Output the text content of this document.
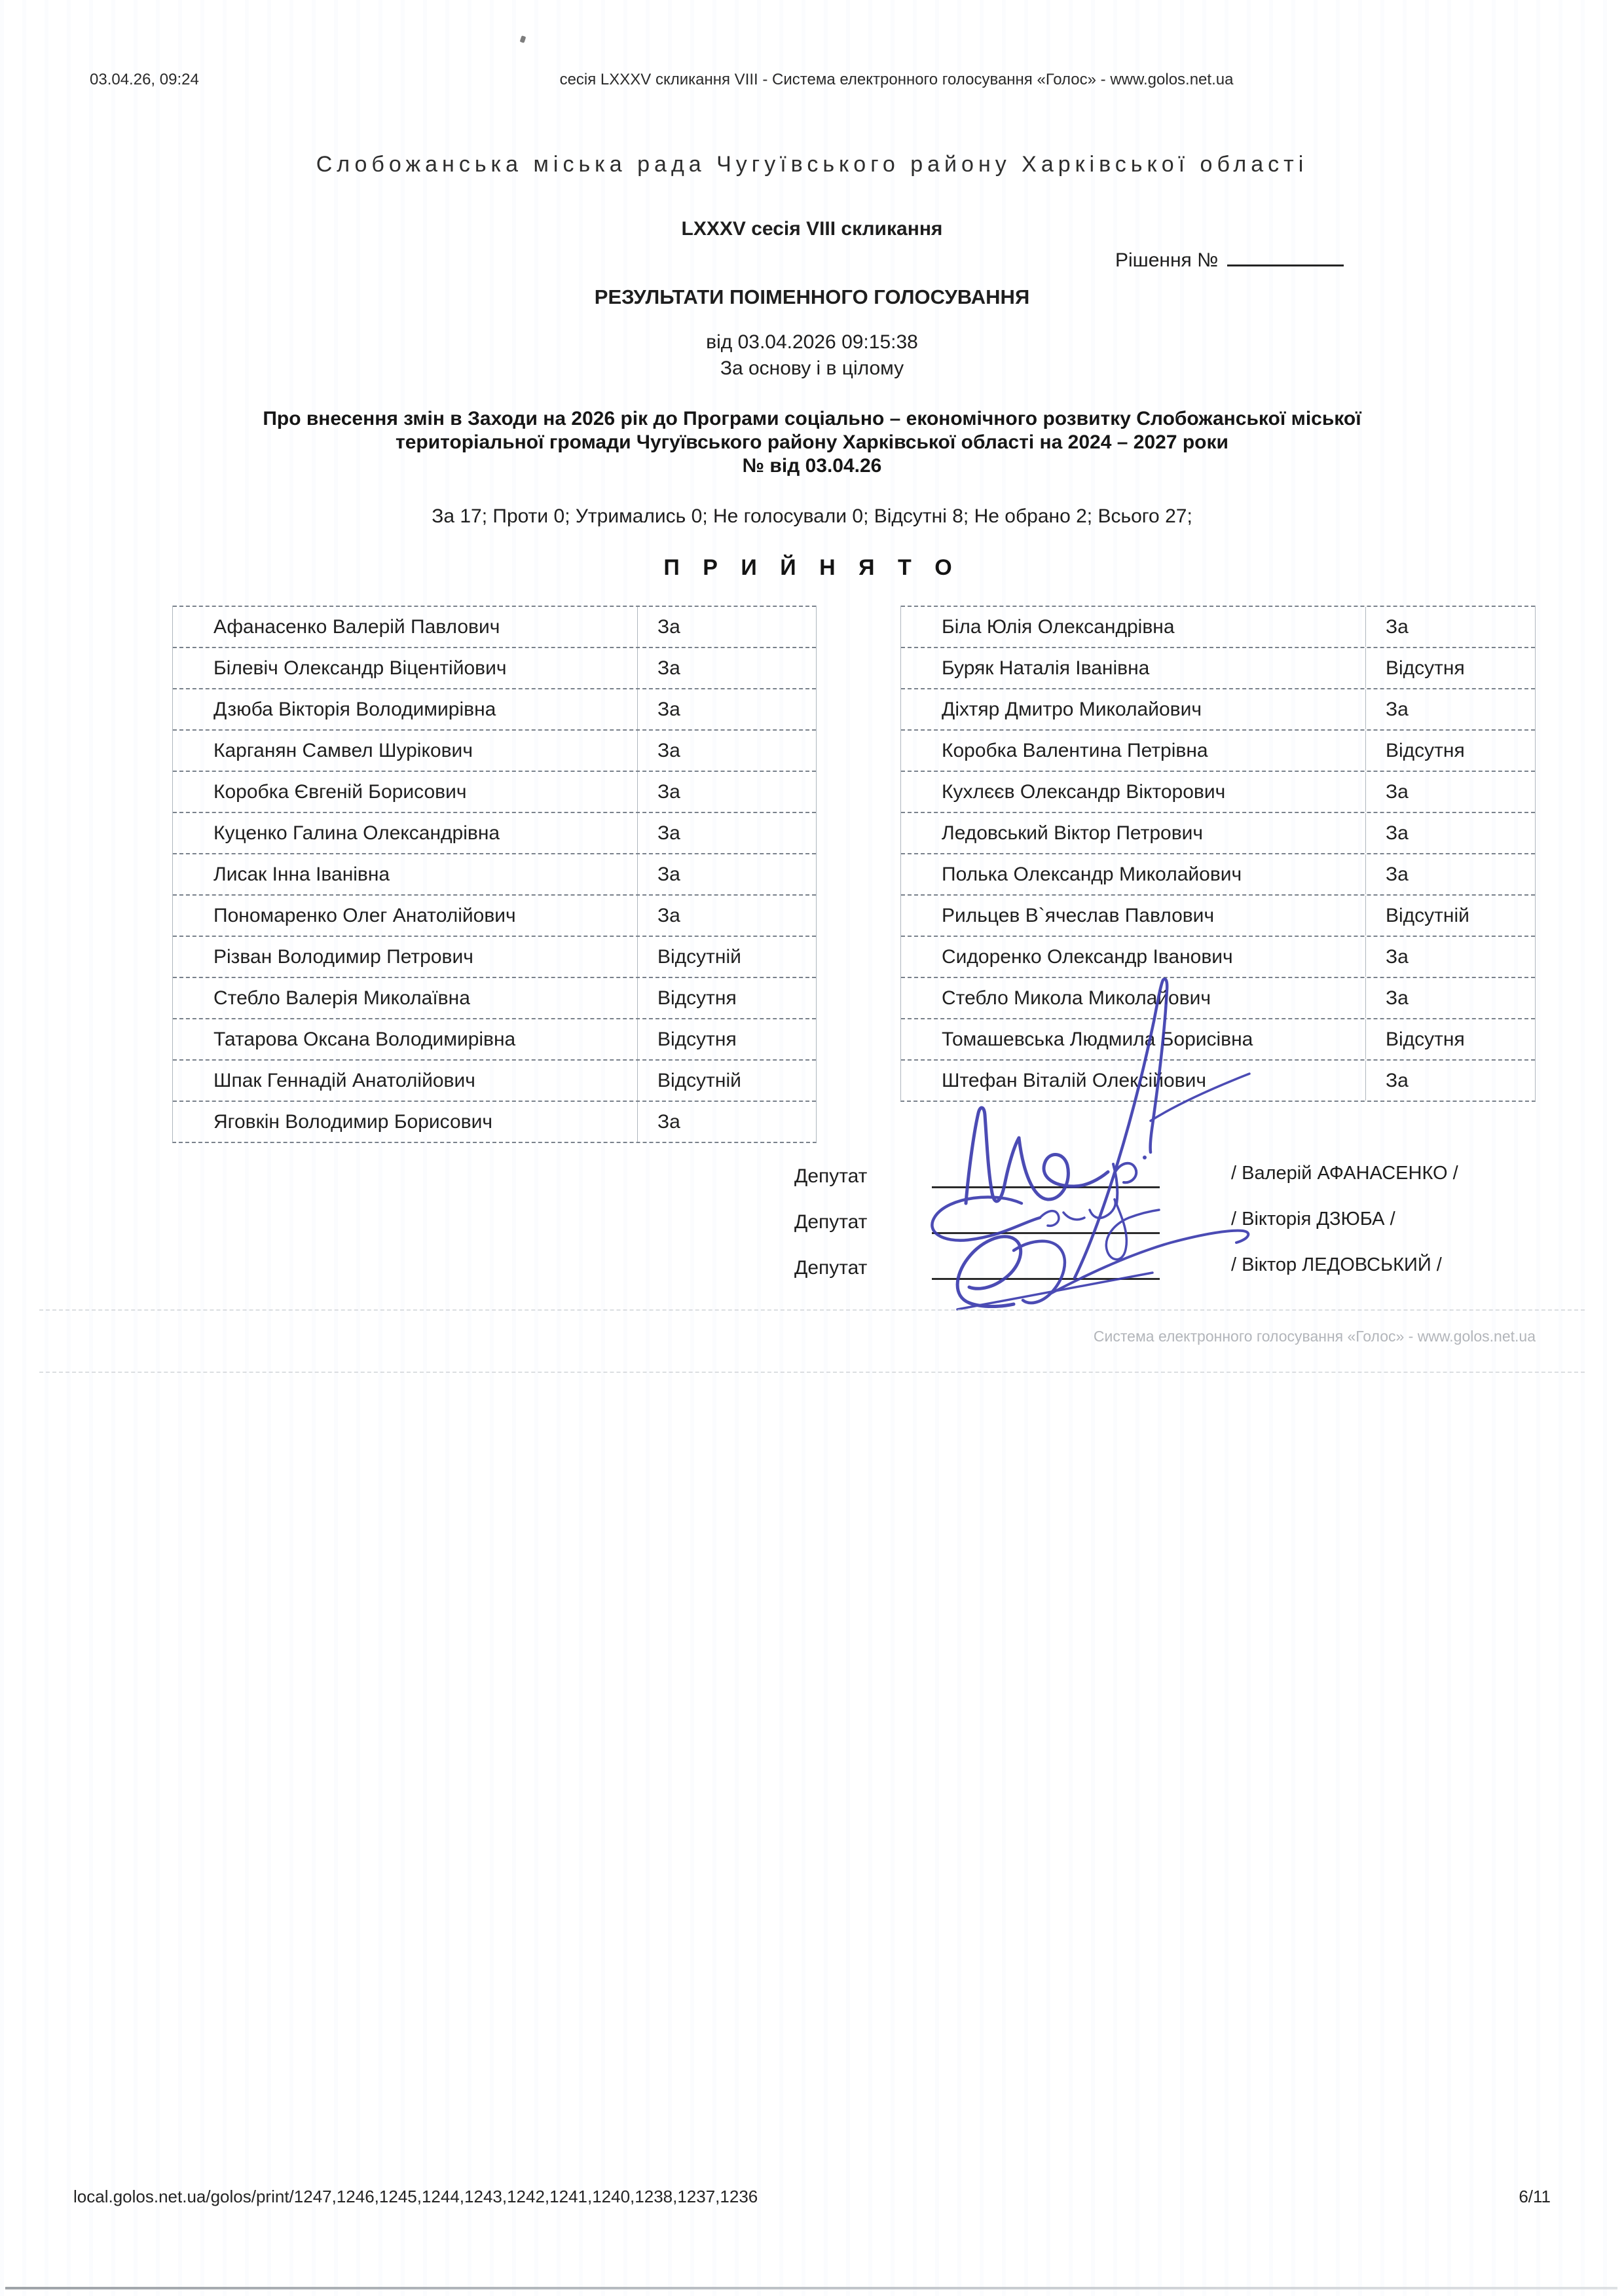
03.04.26, 09:24	сесія LXXXV скликання VIII - Система електронного голосування «Голос» - www.golos.net.ua
Слобожанська міська рада Чугуївського району Харківської області
LXXXV сесія VIII скликання
Рішення №
РЕЗУЛЬТАТИ ПОІМЕННОГО ГОЛОСУВАННЯ
від 03.04.2026 09:15:38
За основу і в цілому
Про внесення змін в Заходи на 2026 рік до Програми соціально – економічного розвитку Слобожанської міської
територіальної громади Чугуївського району Харківської області на 2024 – 2027 роки
№ від 03.04.26
За 17; Проти 0; Утримались 0; Не голосували 0; Відсутні 8; Не обрано 2; Всього 27;
П Р И Й Н Я Т О
Афанасенко Валерій Павлович	За
Білевіч Олександр Віцентійович	За
Дзюба Вікторія Володимирівна	За
Карганян Самвел Шурікович	За
Коробка Євгеній Борисович	За
Куценко Галина Олександрівна	За
Лисак Інна Іванівна	За
Пономаренко Олег Анатолійович	За
Різван Володимир Петрович	Відсутній
Стебло Валерія Миколаївна	Відсутня
Татарова Оксана Володимирівна	Відсутня
Шпак Геннадій Анатолійович	Відсутній
Яговкін Володимир Борисович	За
Біла Юлія Олександрівна	За
Буряк Наталія Іванівна	Відсутня
Діхтяр Дмитро Миколайович	За
Коробка Валентина Петрівна	Відсутня
Кухлєєв Олександр Вікторович	За
Ледовський Віктор Петрович	За
Полька Олександр Миколайович	За
Рильцев В`ячеслав Павлович	Відсутній
Сидоренко Олександр Іванович	За
Стебло Микола Миколайович	За
Томашевська Людмила Борисівна	Відсутня
Штефан Віталій Олексійович	За
Депутат	/ Валерій АФАНАСЕНКО /
Депутат	/ Вікторія ДЗЮБА /
Депутат	/ Віктор ЛЕДОВСЬКИЙ /
Система електронного голосування «Голос» - www.golos.net.ua
local.golos.net.ua/golos/print/1247,1246,1245,1244,1243,1242,1241,1240,1238,1237,1236	6/11
